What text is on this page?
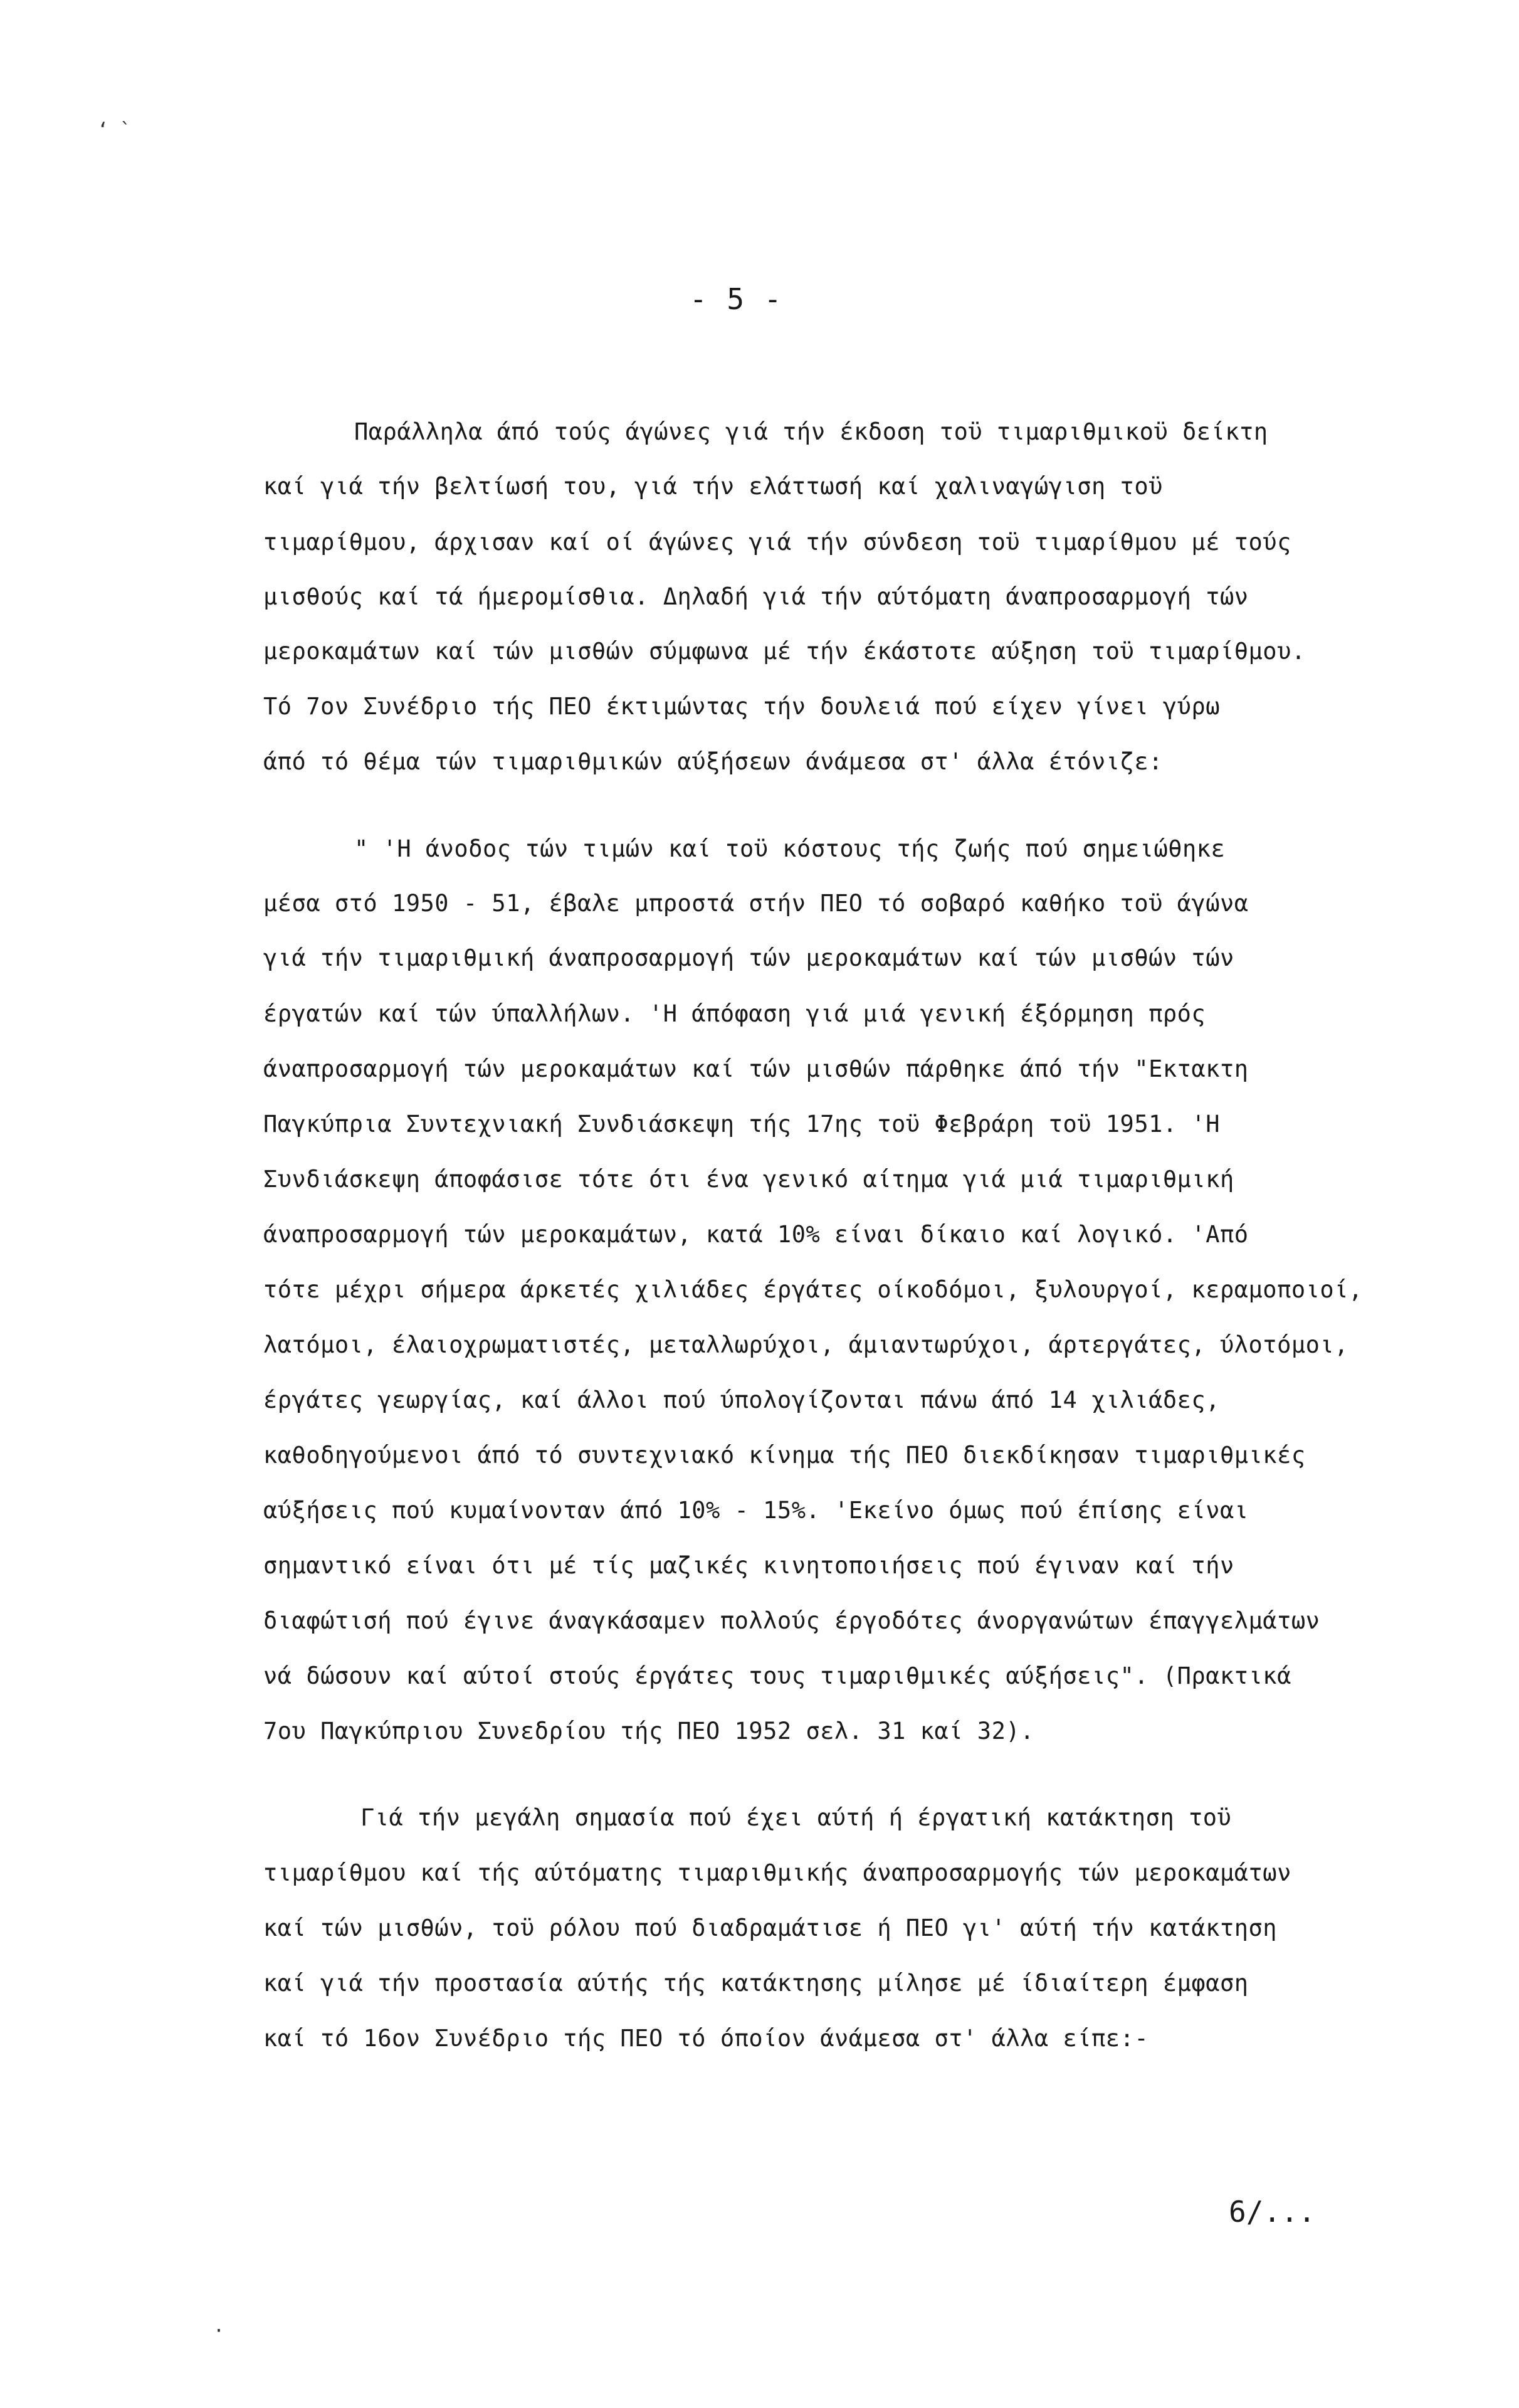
‘ `
- 5 -
Παράλληλα άπό τούς άγώνες γιά τήν έκδοση τοϋ τιμαριθμικοϋ δείκτη
καί γιά τήν βελτίωσή του, γιά τήν ελάττωσή καί χαλιναγώγιση τοϋ
τιμαρίθμου, άρχισαν καί οί άγώνες γιά τήν σύνδεση τοϋ τιμαρίθμου μέ τούς
μισθούς καί τά ήμερομίσθια. Δηλαδή γιά τήν αύτόματη άναπροσαρμογή τών
μεροκαμάτων καί τών μισθών σύμφωνα μέ τήν έκάστοτε αύξηση τοϋ τιμαρίθμου.
Τό 7ον Συνέδριο τής ΠΕΟ έκτιμώντας τήν δουλειά πού είχεν γίνει γύρω
άπό τό θέμα τών τιμαριθμικών αύξήσεων άνάμεσα στ' άλλα έτόνιζε:
" 'Η άνοδος τών τιμών καί τοϋ κόστους τής ζωής πού σημειώθηκε
μέσα στό 1950 - 51, έβαλε μπροστά στήν ΠΕΟ τό σοβαρό καθήκο τοϋ άγώνα
γιά τήν τιμαριθμική άναπροσαρμογή τών μεροκαμάτων καί τών μισθών τών
έργατών καί τών ύπαλλήλων. 'Η άπόφαση γιά μιά γενική έξόρμηση πρός
άναπροσαρμογή τών μεροκαμάτων καί τών μισθών πάρθηκε άπό τήν "Εκτακτη
Παγκύπρια Συντεχνιακή Συνδιάσκεψη τής 17ης τοϋ Φεβράρη τοϋ 1951. 'Η
Συνδιάσκεψη άποφάσισε τότε ότι ένα γενικό αίτημα γιά μιά τιμαριθμική
άναπροσαρμογή τών μεροκαμάτων, κατά 10% είναι δίκαιο καί λογικό. 'Από
τότε μέχρι σήμερα άρκετές χιλιάδες έργάτες οίκοδόμοι, ξυλουργοί, κεραμοποιοί,
λατόμοι, έλαιοχρωματιστές, μεταλλωρύχοι, άμιαντωρύχοι, άρτεργάτες, ύλοτόμοι,
έργάτες γεωργίας, καί άλλοι πού ύπολογίζονται πάνω άπό 14 χιλιάδες,
καθοδηγούμενοι άπό τό συντεχνιακό κίνημα τής ΠΕΟ διεκδίκησαν τιμαριθμικές
αύξήσεις πού κυμαίνονταν άπό 10% - 15%. 'Εκείνο όμως πού έπίσης είναι
σημαντικό είναι ότι μέ τίς μαζικές κινητοποιήσεις πού έγιναν καί τήν
διαφώτισή πού έγινε άναγκάσαμεν πολλούς έργοδότες άνοργανώτων έπαγγελμάτων
νά δώσουν καί αύτοί στούς έργάτες τους τιμαριθμικές αύξήσεις". (Πρακτικά
7ου Παγκύπριου Συνεδρίου τής ΠΕΟ 1952 σελ. 31 καί 32).
Γιά τήν μεγάλη σημασία πού έχει αύτή ή έργατική κατάκτηση τοϋ
τιμαρίθμου καί τής αύτόματης τιμαριθμικής άναπροσαρμογής τών μεροκαμάτων
καί τών μισθών, τοϋ ρόλου πού διαδραμάτισε ή ΠΕΟ γι' αύτή τήν κατάκτηση
καί γιά τήν προστασία αύτής τής κατάκτησης μίλησε μέ ίδιαίτερη έμφαση
καί τό 16ον Συνέδριο τής ΠΕΟ τό όποίον άνάμεσα στ' άλλα είπε:-
6/...
·
